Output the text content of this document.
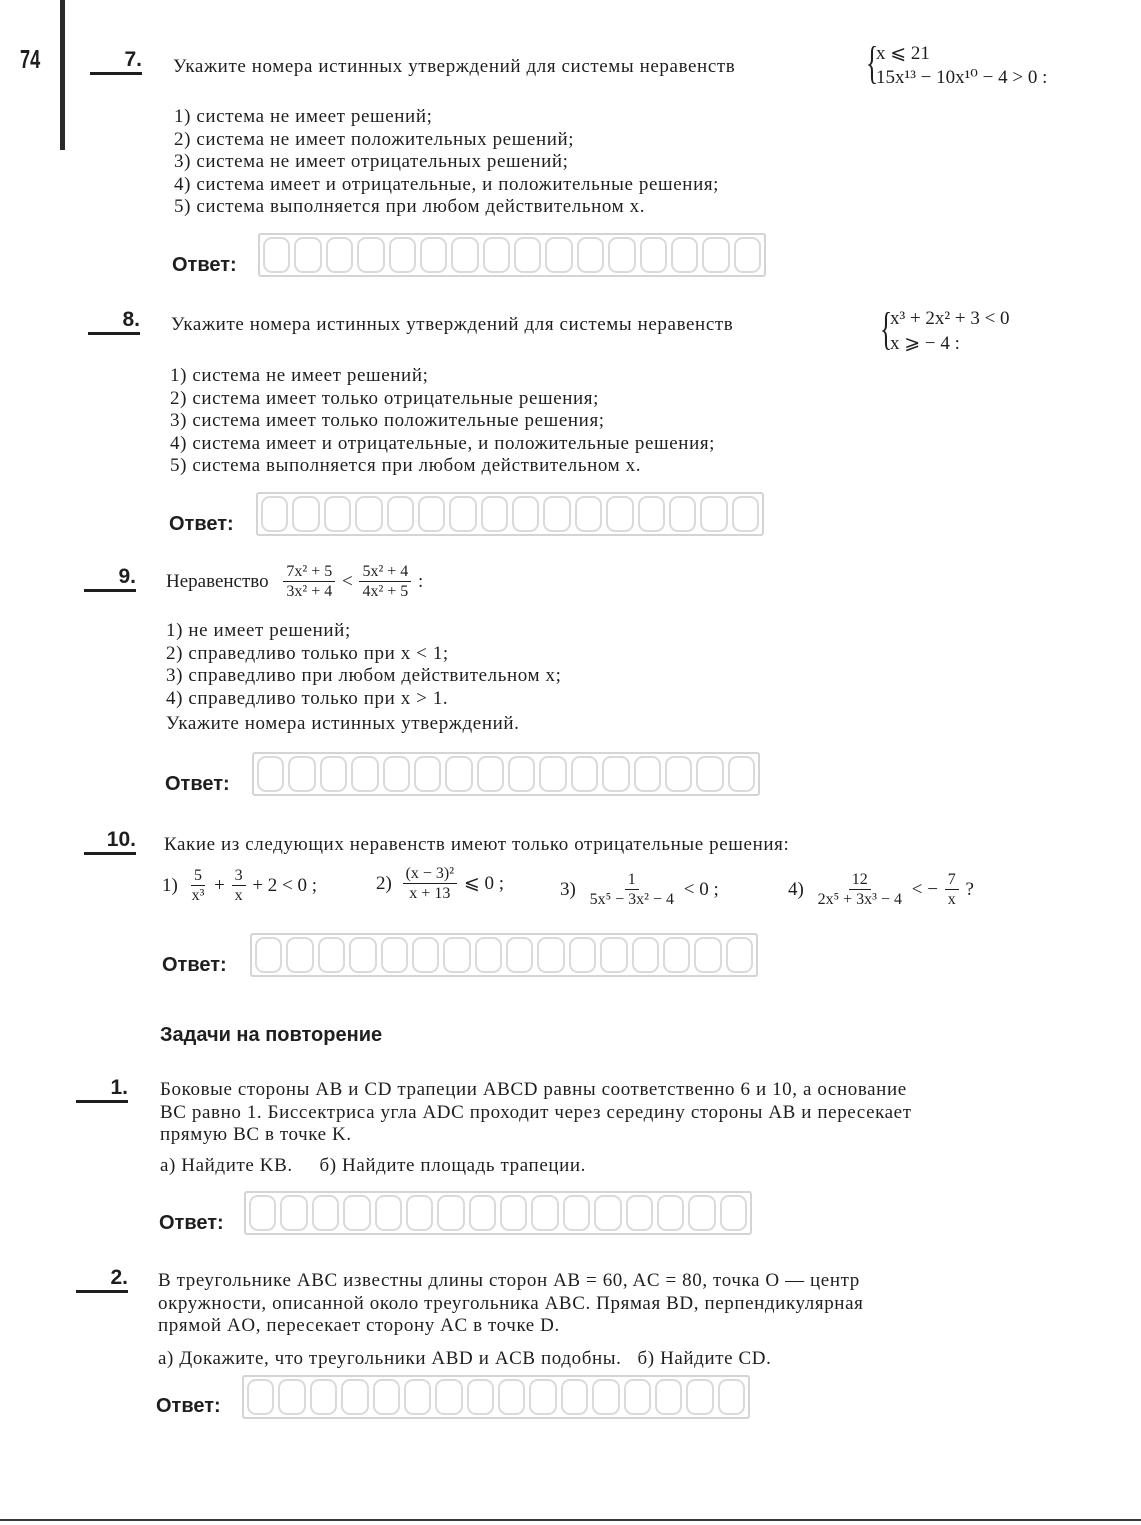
74	7. Укажите номера истинных утверждений для системы неравенств	{
x ⩽ 21
15x¹³ − 10x¹⁰ − 4 > 0 :
1) система не имеет решений;
2) система не имеет положительных решений;
3) система не имеет отрицательных решений;
4) система имеет и отрицательные, и положительные решения;
5) система выполняется при любом действительном x.
Ответ:
8. Укажите номера истинных утверждений для системы неравенств	{
x³ + 2x² + 3 < 0
x ⩾ − 4 :
1) система не имеет решений;
2) система имеет только отрицательные решения;
3) система имеет только положительные решения;
4) система имеет и отрицательные, и положительные решения;
5) система выполняется при любом действительном x.
Ответ:
9. Неравенство $\frac{\text{7x² + 5}}{\text{3x² + 4}} < \frac{\text{5x² + 4}}{\text{4x² + 5}}$ :
1) не имеет решений;
2) справедливо только при x < 1;
3) справедливо при любом действительном x;
4) справедливо только при x > 1.
Укажите номера истинных утверждений.
Ответ:
10. Какие из следующих неравенств имеют только отрицательные решения:
$1) \frac{5}{\text{x³}} + \frac{3}{x} + 2 < 0$ ;	$2) \frac{\text{(x − 3)²}}{x + 13}$ ⩽ 0 ;	$3) \frac{1}{\text{5x⁵ − 3x² − 4}} < 0$ ;	$4) \frac{12}{\text{2x⁵ + 3x³ − 4}}$ < − $\frac{7}{x}$ ?
Ответ:
Задачи на повторение
1. Боковые стороны AB и CD трапеции ABCD равны соответственно 6 и 10, а основание
BC равно 1. Биссектриса угла ADC проходит через середину стороны AB и пересекает
прямую BC в точке K.
а) Найдите KB.     б) Найдите площадь трапеции.
Ответ:
2. В треугольнике ABC известны длины сторон AB = 60, AC = 80, точка O — центр
окружности, описанной около треугольника ABC. Прямая BD, перпендикулярная
прямой AO, пересекает сторону AC в точке D.
а) Докажите, что треугольники ABD и ACB подобны.   б) Найдите CD.
Ответ:
